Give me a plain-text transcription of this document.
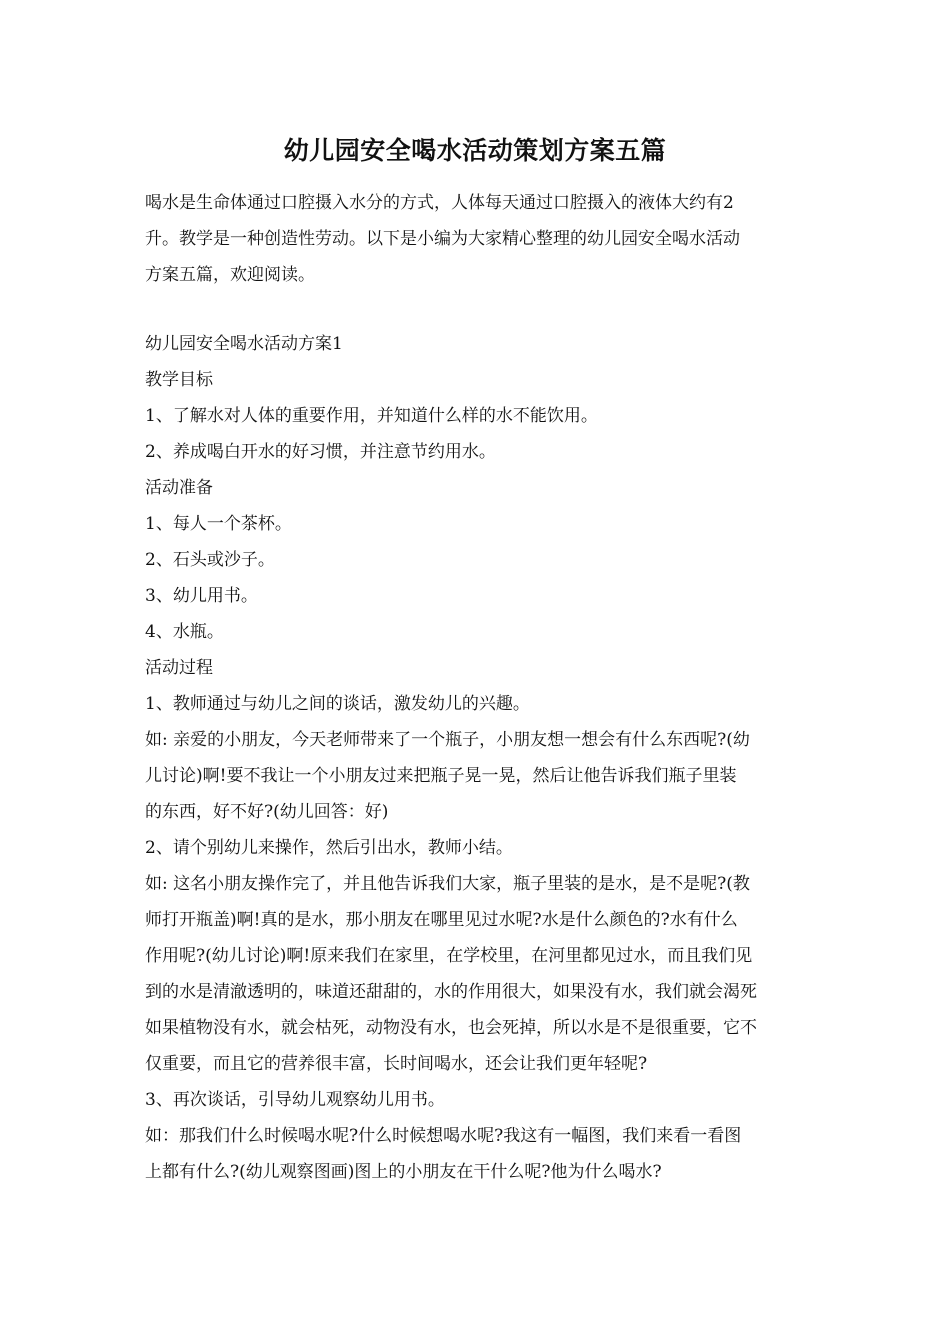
幼儿园安全喝水活动策划方案五篇
喝水是生命体通过口腔摄入水分的方式，人体每天通过口腔摄入的液体大约有2
升。教学是一种创造性劳动。以下是小编为大家精心整理的幼儿园安全喝水活动
方案五篇，欢迎阅读。
幼儿园安全喝水活动方案1
教学目标
1、了解水对人体的重要作用，并知道什么样的水不能饮用。
2、养成喝白开水的好习惯，并注意节约用水。
活动准备
1、每人一个茶杯。
2、石头或沙子。
3、幼儿用书。
4、水瓶。
活动过程
1、教师通过与幼儿之间的谈话，激发幼儿的兴趣。
如: 亲爱的小朋友，今天老师带来了一个瓶子，小朋友想一想会有什么东西呢?(幼
儿讨论)啊!要不我让一个小朋友过来把瓶子晃一晃，然后让他告诉我们瓶子里装
的东西，好不好?(幼儿回答：好)
2、请个别幼儿来操作，然后引出水，教师小结。
如: 这名小朋友操作完了，并且他告诉我们大家，瓶子里装的是水，是不是呢?(教
师打开瓶盖)啊!真的是水，那小朋友在哪里见过水呢?水是什么颜色的?水有什么
作用呢?(幼儿讨论)啊!原来我们在家里，在学校里，在河里都见过水，而且我们见
到的水是清澈透明的，味道还甜甜的，水的作用很大，如果没有水，我们就会渴死
如果植物没有水，就会枯死，动物没有水，也会死掉，所以水是不是很重要，它不
仅重要，而且它的营养很丰富，长时间喝水，还会让我们更年轻呢?
3、再次谈话，引导幼儿观察幼儿用书。
如：那我们什么时候喝水呢?什么时候想喝水呢?我这有一幅图，我们来看一看图
上都有什么?(幼儿观察图画)图上的小朋友在干什么呢?他为什么喝水?
